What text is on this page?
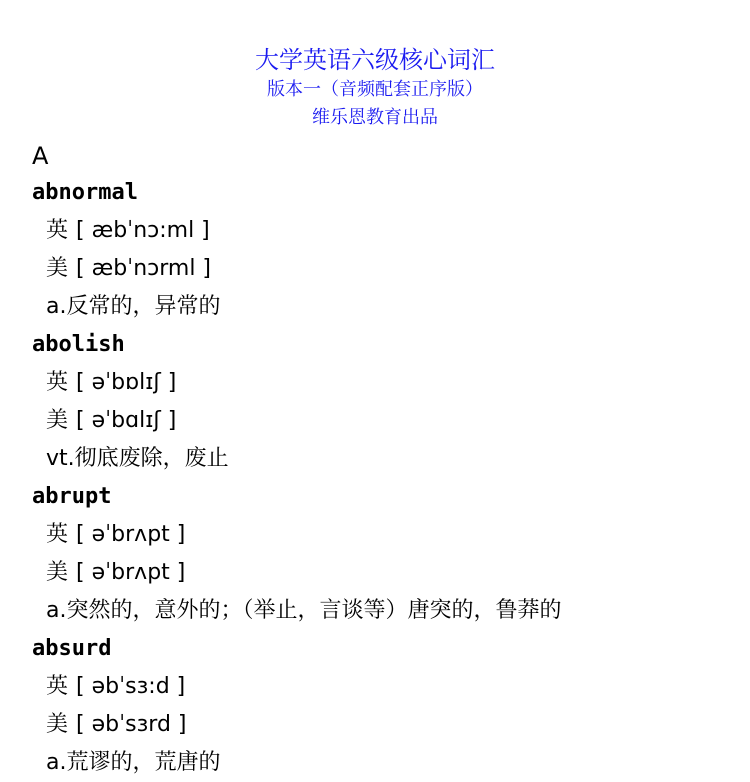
大学英语六级核心词汇
版本一（音频配套正序版）
维乐恩教育出品
A
abnormal
英 [ æbˈnɔ:ml ]
美 [ æbˈnɔrml ]
a.反常的，异常的
abolish
英 [ əˈbɒlɪʃ ]
美 [ əˈbɑlɪʃ ]
vt.彻底废除，废止
abrupt
英 [ əˈbrʌpt ]
美 [ əˈbrʌpt ]
a.突然的，意外的；（举止，言谈等）唐突的，鲁莽的
absurd
英 [ əbˈsɜ:d ]
美 [ əbˈsɜrd ]
a.荒谬的，荒唐的
